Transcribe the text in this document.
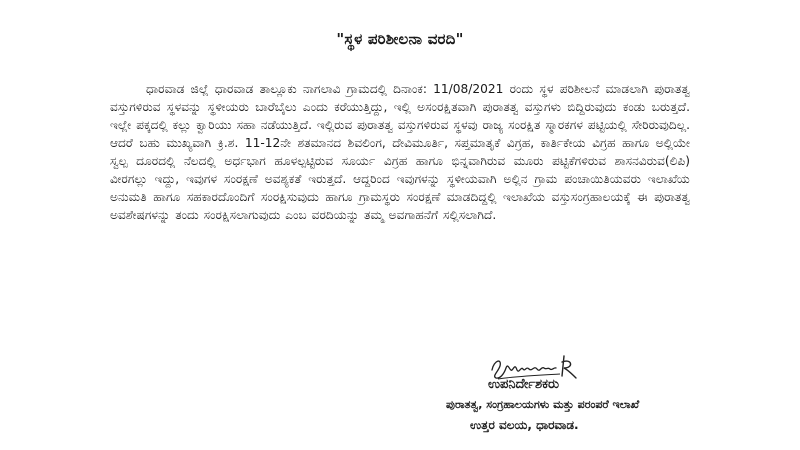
"ಸ್ಥಳ ಪರಿಶೀಲನಾ ವರದಿ"

ಧಾರವಾಡ ಜಿಲ್ಲೆ ಧಾರವಾಡ ತಾಲ್ಲೂಕು ನಾಗಲಾವಿ ಗ್ರಾಮದಲ್ಲಿ ದಿನಾಂಕ: 11/08/2021 ರಂದು ಸ್ಥಳ ಪರಿಶೀಲನೆ ಮಾಡಲಾಗಿ ಪುರಾತತ್ವ ವಸ್ತುಗಳಿರುವ ಸ್ಥಳವನ್ನು ಸ್ಥಳೀಯರು ಬಾರೆಬೈಲು ಎಂದು ಕರೆಯುತ್ತಿದ್ದು, ಇಲ್ಲಿ ಅಸಂರಕ್ಷಿತವಾಗಿ ಪುರಾತತ್ವ ವಸ್ತುಗಳು ಬಿದ್ದಿರುವುದು ಕಂಡು ಬರುತ್ತದೆ. ಇಲ್ಲೇ ಪಕ್ಕದಲ್ಲಿ ಕಲ್ಲು ಕ್ವಾರಿಯು ಸಹಾ ನಡೆಯುತ್ತಿದೆ. ಇಲ್ಲಿರುವ ಪುರಾತತ್ವ ವಸ್ತುಗಳಿರುವ ಸ್ಥಳವು ರಾಜ್ಯ ಸಂರಕ್ಷಿತ ಸ್ಮಾರಕಗಳ ಪಟ್ಟಿಯಲ್ಲಿ ಸೇರಿರುವುದಿಲ್ಲ. ಆದರೆ ಬಹು ಮುಖ್ಯವಾಗಿ ಕ್ರಿ.ಶ. 11-12ನೇ ಶತಮಾನದ ಶಿವಲಿಂಗ, ದೇವಿಮೂರ್ತಿ, ಸಪ್ತಮಾತೃಕೆ ವಿಗ್ರಹ, ಕಾರ್ತಿಕೇಯ ವಿಗ್ರಹ ಹಾಗೂ ಅಲ್ಲಿಯೇ ಸ್ವಲ್ಪ ದೂರದಲ್ಲಿ ನೆಲದಲ್ಲಿ ಅರ್ಧಭಾಗ ಹೂಳಲ್ಪಟ್ಟಿರುವ ಸೂರ್ಯ ವಿಗ್ರಹ ಹಾಗೂ ಭಿನ್ನವಾಗಿರುವ ಮೂರು ಪಟ್ಟಿಕೆಗಳಿರುವ ಶಾಸನವಿರುವ(ಲಿಪಿ) ವೀರಗಲ್ಲು ಇದ್ದು, ಇವುಗಳ ಸಂರಕ್ಷಣೆ ಅವಶ್ಯಕತೆ ಇರುತ್ತದೆ. ಆದ್ದರಿಂದ ಇವುಗಳನ್ನು ಸ್ಥಳೀಯವಾಗಿ ಅಲ್ಲಿನ ಗ್ರಾಮ ಪಂಚಾಯಿತಿಯವರು ಇಲಾಖೆಯ ಅನುಮತಿ ಹಾಗೂ ಸಹಕಾರದೊಂದಿಗೆ ಸಂರಕ್ಷಿಸುವುದು ಹಾಗೂ ಗ್ರಾಮಸ್ಥರು ಸಂರಕ್ಷಣೆ ಮಾಡದಿದ್ದಲ್ಲಿ ಇಲಾಖೆಯ ವಸ್ತುಸಂಗ್ರಹಾಲಯಕ್ಕೆ ಈ ಪುರಾತತ್ವ ಅವಶೇಷಗಳನ್ನು ತಂದು ಸಂರಕ್ಷಿಸಲಾಗುವುದು ಎಂಬ ವರದಿಯನ್ನು ತಮ್ಮ ಅವಗಾಹನೆಗೆ ಸಲ್ಲಿಸಲಾಗಿದೆ.

ಉಪನಿರ್ದೇಶಕರು
ಪುರಾತತ್ವ, ಸಂಗ್ರಹಾಲಯಗಳು ಮತ್ತು ಪರಂಪರೆ ಇಲಾಖೆ
ಉತ್ತರ ವಲಯ, ಧಾರವಾಡ.
